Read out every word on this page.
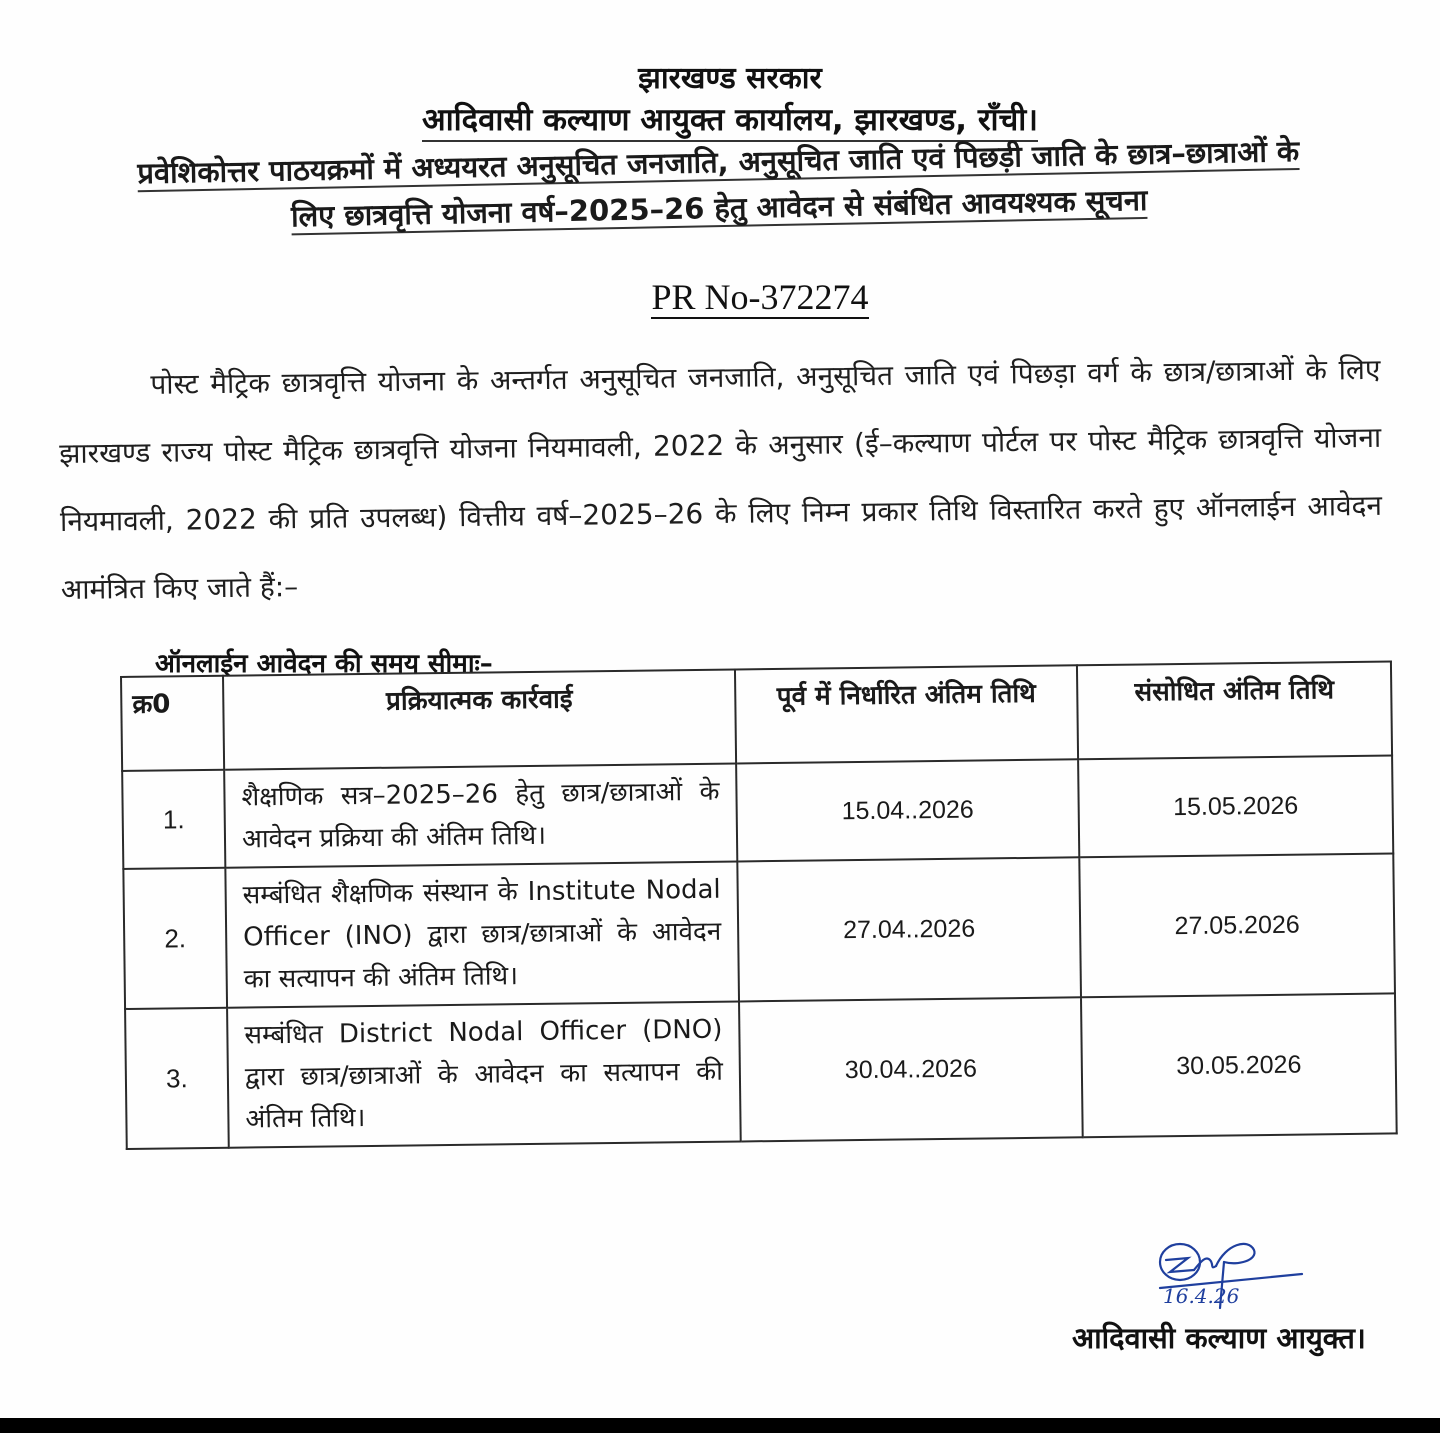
झारखण्ड सरकार
आदिवासी कल्याण आयुक्त कार्यालय, झारखण्ड, राँची।
प्रवेशिकोत्तर पाठयक्रमों में अध्ययरत अनुसूचित जनजाति, अनुसूचित जाति एवं पिछड़ी जाति के छात्र–छात्राओं के
लिए छात्रवृत्ति योजना वर्ष–2025–26 हेतु आवेदन से संबंधित आवयश्यक सूचना
PR No-372274
पोस्ट मैट्रिक छात्रवृत्ति योजना के अन्तर्गत अनुसूचित जनजाति, अनुसूचित जाति एवं पिछड़ा वर्ग के छात्र/छात्राओं के लिए झारखण्ड राज्य पोस्ट मैट्रिक छात्रवृत्ति योजना नियमावली, 2022 के अनुसार (ई–कल्याण पोर्टल पर पोस्ट मैट्रिक छात्रवृत्ति योजना नियमावली, 2022 की प्रति उपलब्ध) वित्तीय वर्ष–2025–26 के लिए निम्न प्रकार तिथि विस्तारित करते हुए ऑनलाईन आवेदन आमंत्रित किए जाते हैं:–
ऑनलाईन आवेदन की समय सीमाः–
क्र0	प्रक्रियात्मक कार्रवाई	पूर्व में निर्धारित अंतिम तिथि	संसोधित अंतिम तिथि
1.	शैक्षणिक सत्र–2025–26 हेतु छात्र/छात्राओं के आवेदन प्रक्रिया की अंतिम तिथि।	15.04..2026	15.05.2026
2.	सम्बंधित शैक्षणिक संस्थान के Institute Nodal Officer (INO) द्वारा छात्र/छात्राओं के आवेदन का सत्यापन की अंतिम तिथि।	27.04..2026	27.05.2026
3.	सम्बंधित District Nodal Officer (DNO) द्वारा छात्र/छात्राओं के आवेदन का सत्यापन की अंतिम तिथि।	30.04..2026	30.05.2026
16.4.26
आदिवासी कल्याण आयुक्त।
